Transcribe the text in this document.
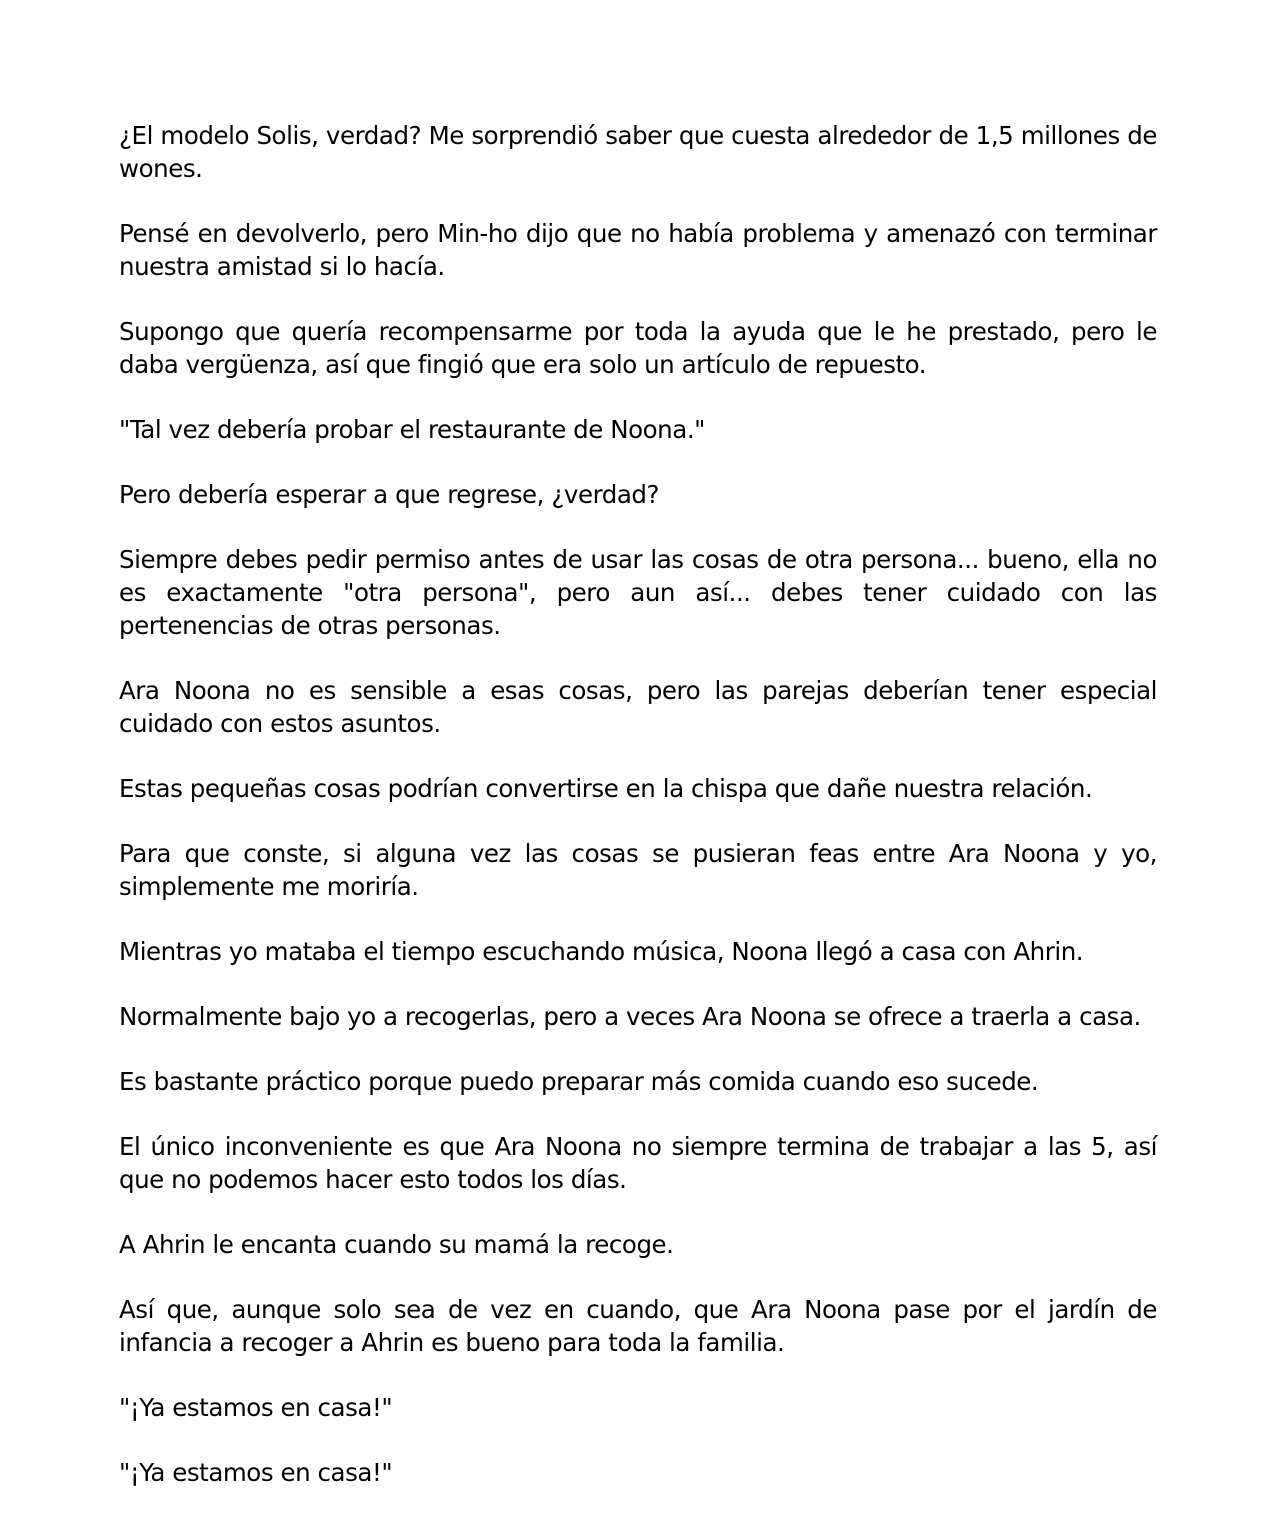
¿El modelo Solis, verdad? Me sorprendió saber que cuesta alrededor de 1,5 millones de wones.

Pensé en devolverlo, pero Min-ho dijo que no había problema y amenazó con terminar nuestra amistad si lo hacía.

Supongo que quería recompensarme por toda la ayuda que le he prestado, pero le daba vergüenza, así que fingió que era solo un artículo de repuesto.

"Tal vez debería probar el restaurante de Noona."

Pero debería esperar a que regrese, ¿verdad?

Siempre debes pedir permiso antes de usar las cosas de otra persona... bueno, ella no es exactamente "otra persona", pero aun así... debes tener cuidado con las pertenencias de otras personas.

Ara Noona no es sensible a esas cosas, pero las parejas deberían tener especial cuidado con estos asuntos.

Estas pequeñas cosas podrían convertirse en la chispa que dañe nuestra relación.

Para que conste, si alguna vez las cosas se pusieran feas entre Ara Noona y yo, simplemente me moriría.

Mientras yo mataba el tiempo escuchando música, Noona llegó a casa con Ahrin.

Normalmente bajo yo a recogerlas, pero a veces Ara Noona se ofrece a traerla a casa.

Es bastante práctico porque puedo preparar más comida cuando eso sucede.

El único inconveniente es que Ara Noona no siempre termina de trabajar a las 5, así que no podemos hacer esto todos los días.

A Ahrin le encanta cuando su mamá la recoge.

Así que, aunque solo sea de vez en cuando, que Ara Noona pase por el jardín de infancia a recoger a Ahrin es bueno para toda la familia.

"¡Ya estamos en casa!"

"¡Ya estamos en casa!"
